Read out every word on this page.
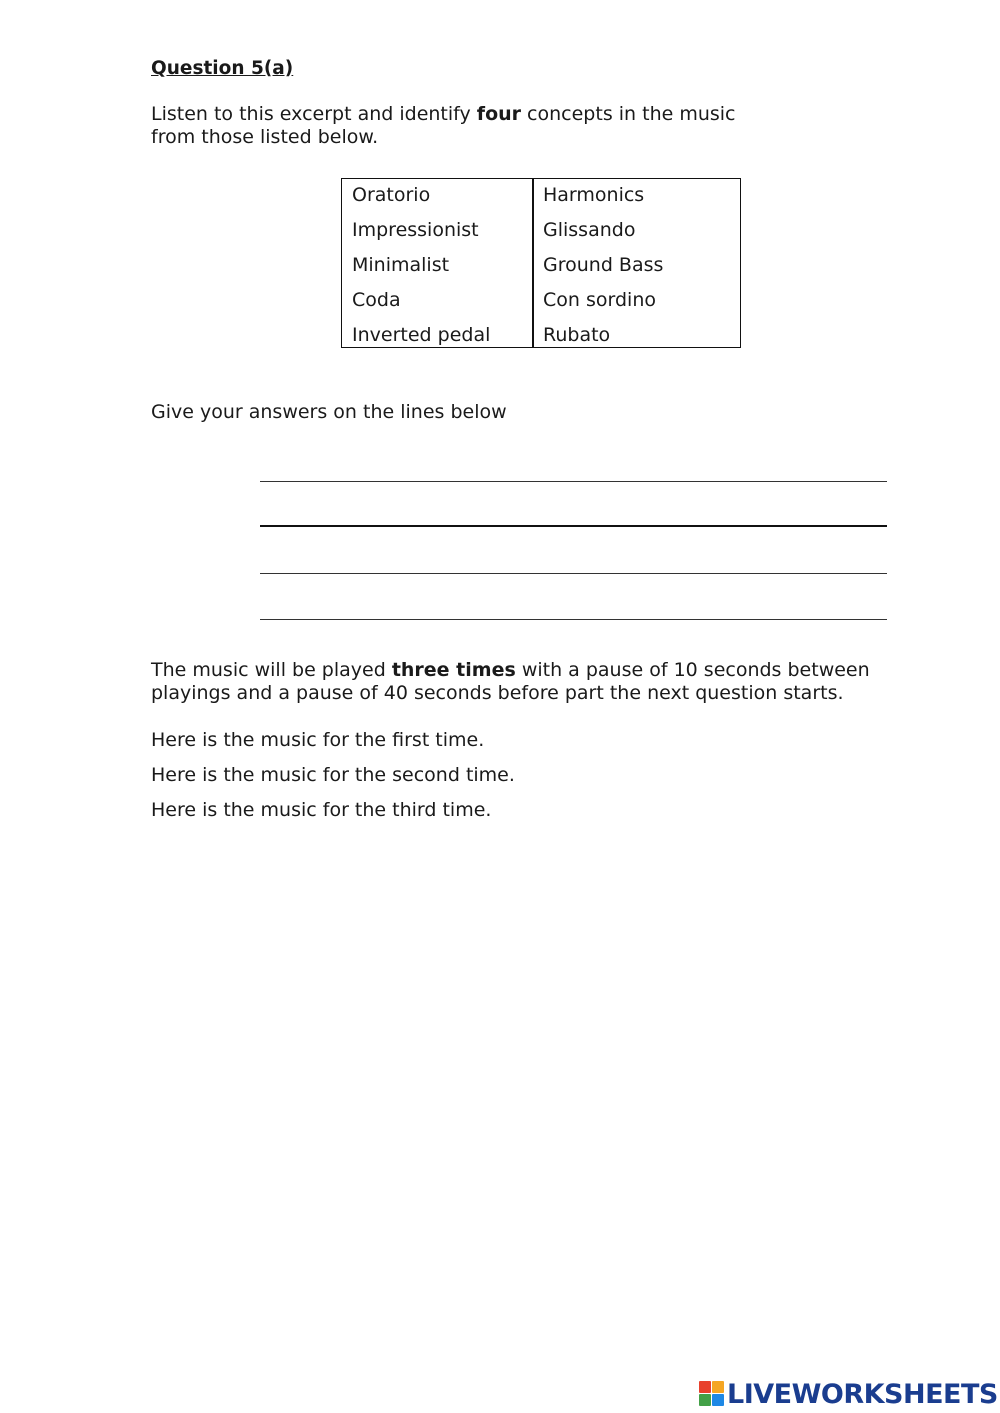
Question 5(a)
Listen to this excerpt and identify four concepts in the music
from those listed below.
Oratorio
Impressionist
Minimalist
Coda
Inverted pedal
Harmonics
Glissando
Ground Bass
Con sordino
Rubato
Give your answers on the lines below
The music will be played three times with a pause of 10 seconds between
playings and a pause of 40 seconds before part the next question starts.
Here is the music for the first time.
Here is the music for the second time.
Here is the music for the third time.
LIVEWORKSHEETS
